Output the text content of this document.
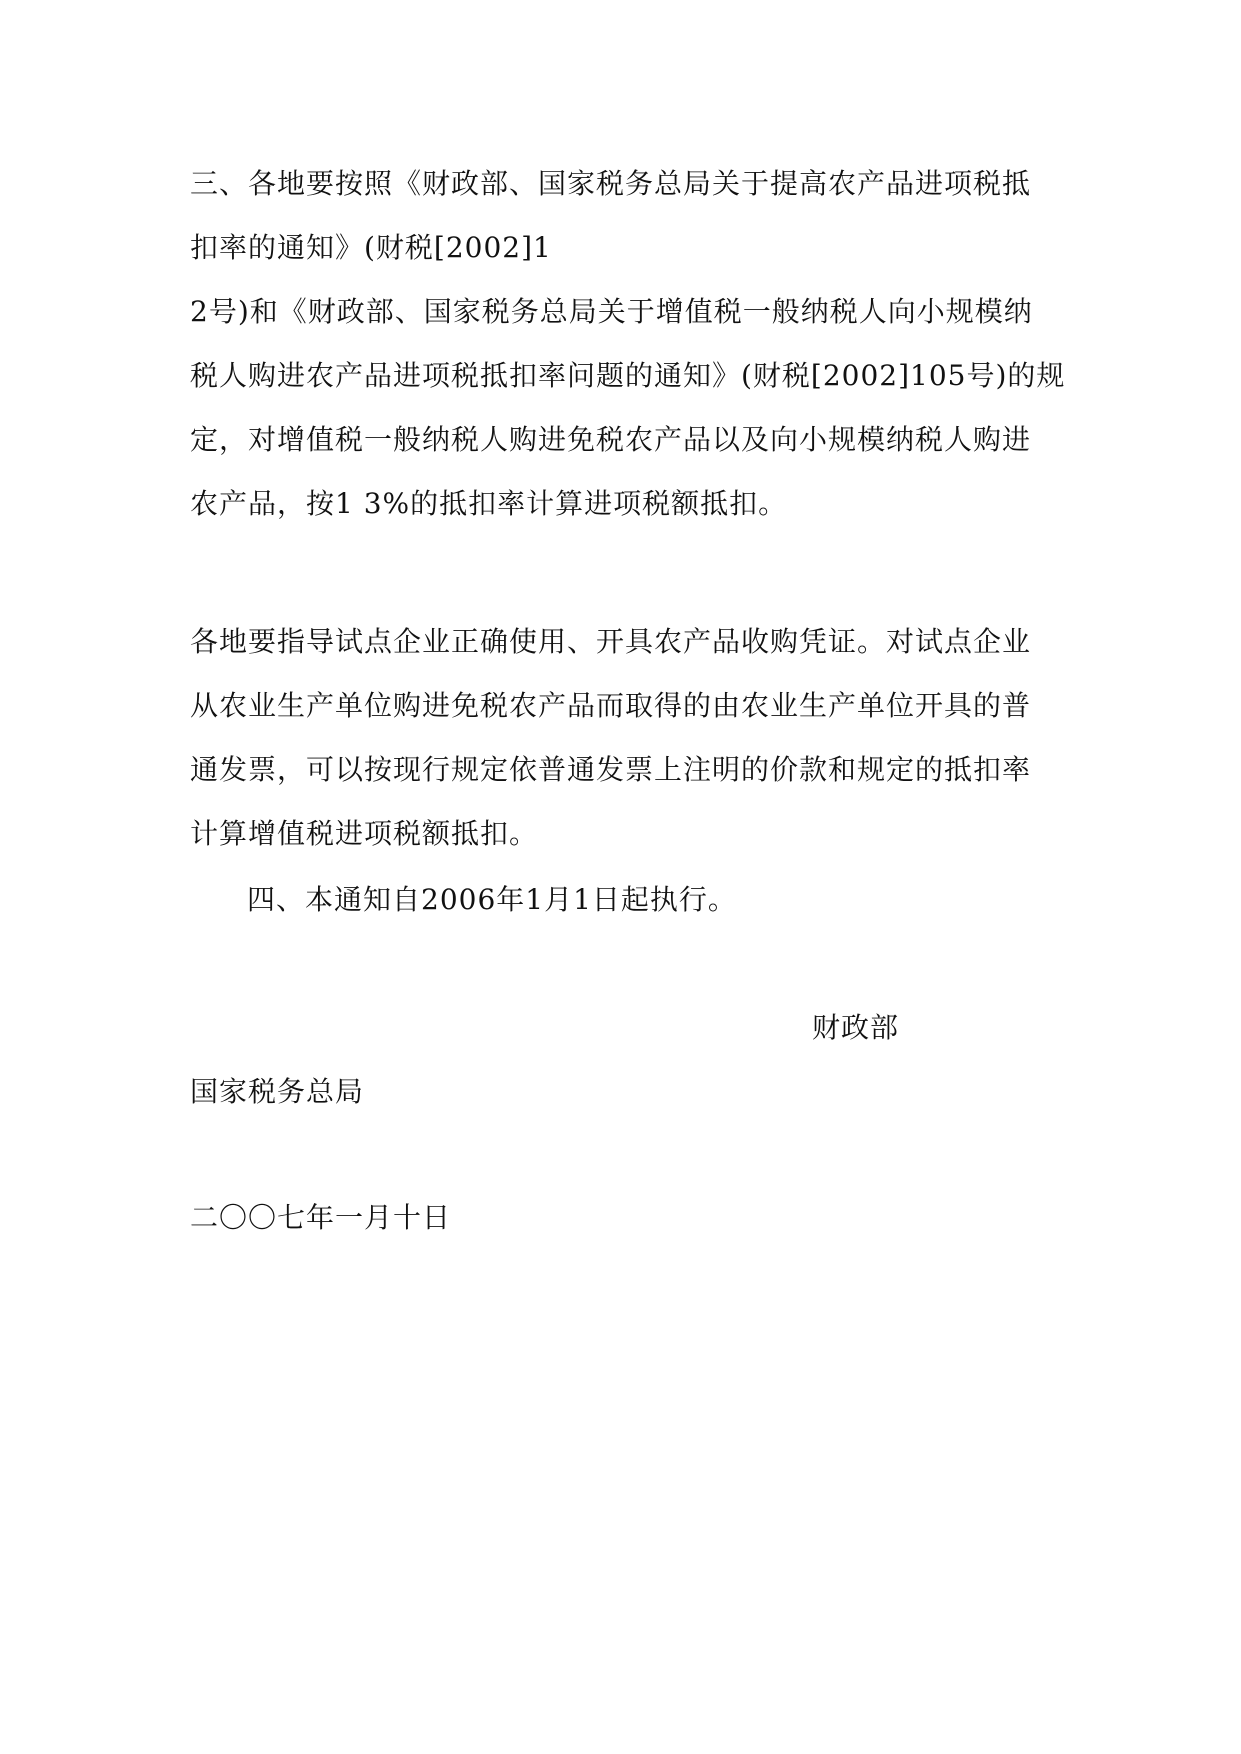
三、各地要按照《财政部、国家税务总局关于提高农产品进项税抵
扣率的通知》(财税[2002]1
2号)和《财政部、国家税务总局关于增值税一般纳税人向小规模纳
税人购进农产品进项税抵扣率问题的通知》(财税[2002]105号)的规
定，对增值税一般纳税人购进免税农产品以及向小规模纳税人购进
农产品，按1 3%的抵扣率计算进项税额抵扣。
各地要指导试点企业正确使用、开具农产品收购凭证。对试点企业
从农业生产单位购进免税农产品而取得的由农业生产单位开具的普
通发票，可以按现行规定依普通发票上注明的价款和规定的抵扣率
计算增值税进项税额抵扣。
四、本通知自2006年1月1日起执行。
财政部
国家税务总局
二〇〇七年一月十日
